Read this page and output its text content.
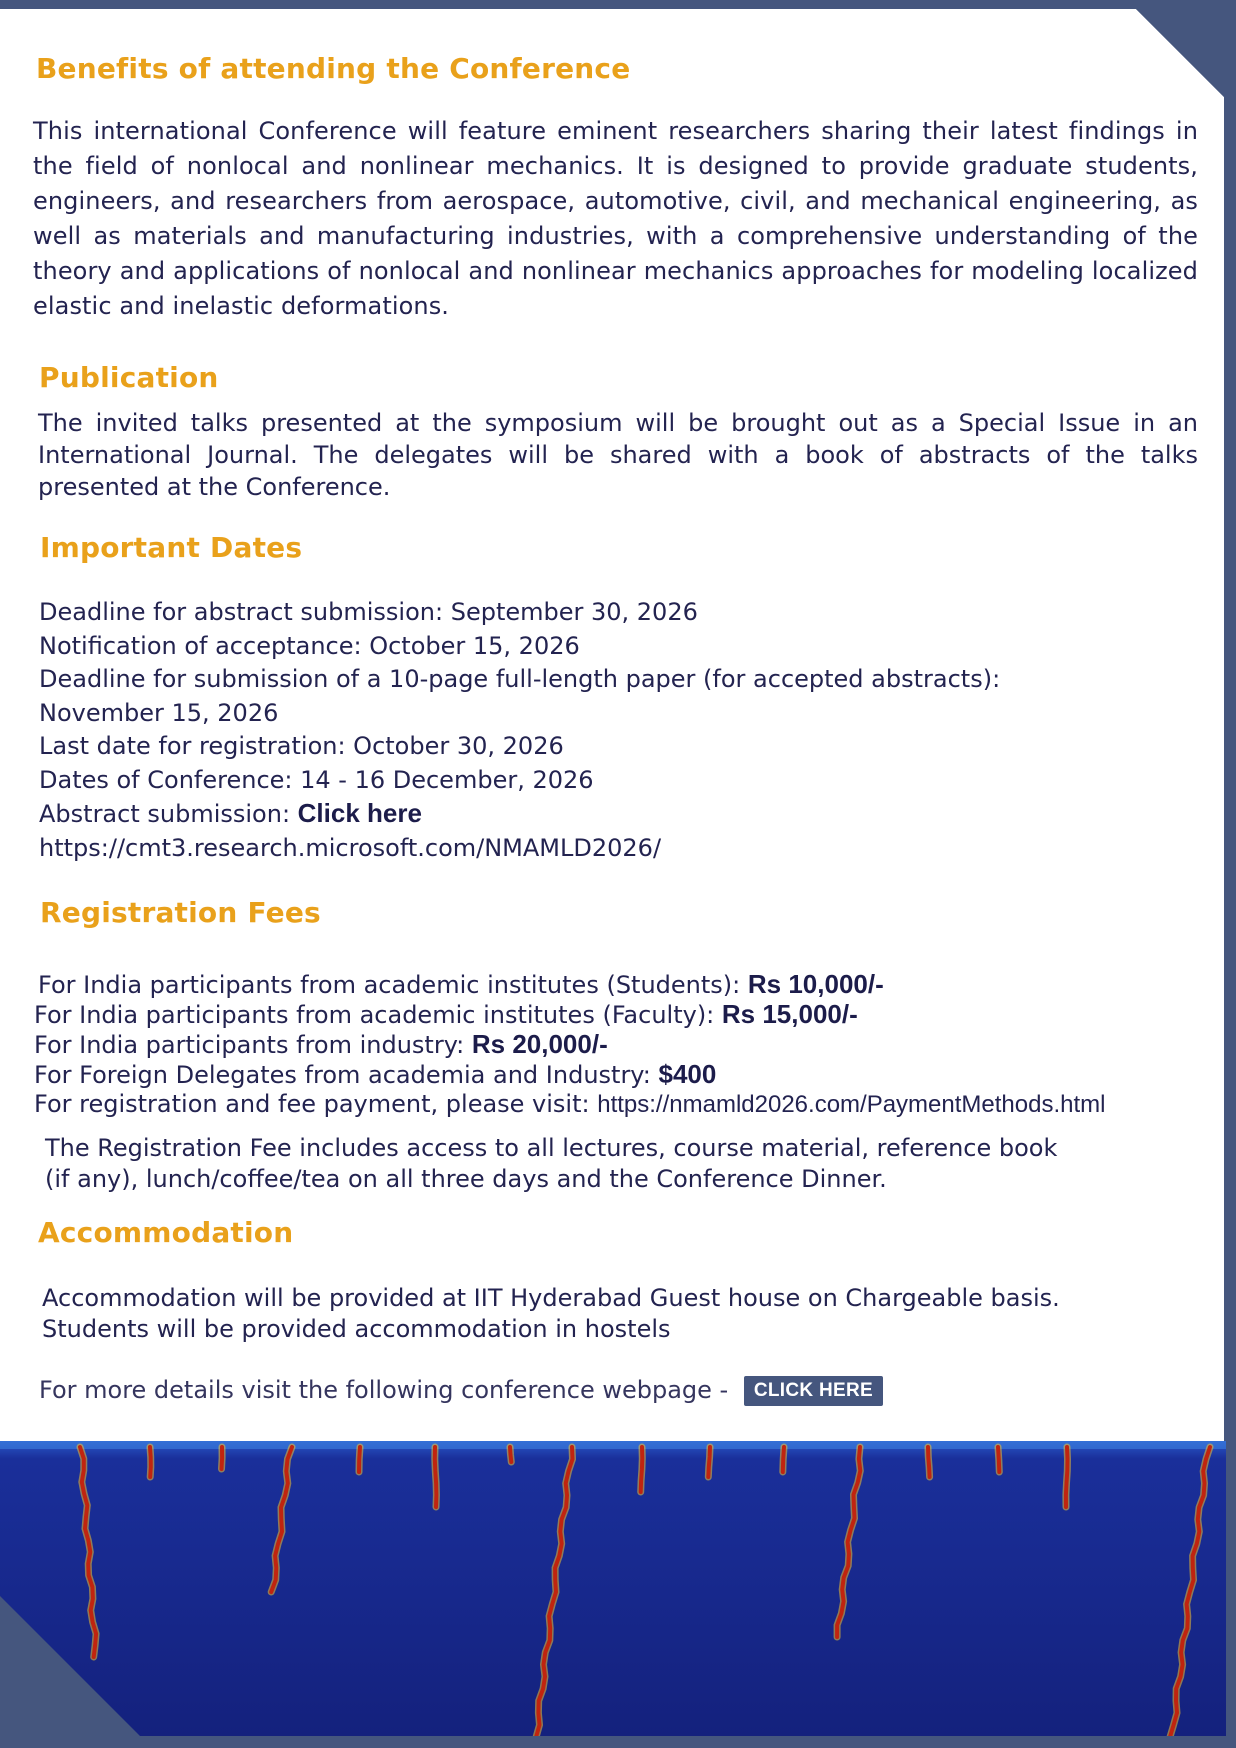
Benefits of attending the Conference
This international Conference will feature eminent researchers sharing their latest findings in the field of nonlocal and nonlinear mechanics. It is designed to provide graduate students, engineers, and researchers from aerospace, automotive, civil, and mechanical engineering, as well as materials and manufacturing industries, with a comprehensive understanding of the theory and applications of nonlocal and nonlinear mechanics approaches for modeling localized elastic and inelastic deformations.
Publication
The invited talks presented at the symposium will be brought out as a Special Issue in an International Journal. The delegates will be shared with a book of abstracts of the talks presented at the Conference.
Important Dates
Deadline for abstract submission: September 30, 2026
Notification of acceptance: October 15, 2026
Deadline for submission of a 10-page full-length paper (for accepted abstracts):
November 15, 2026
Last date for registration: October 30, 2026
Dates of Conference: 14 - 16 December, 2026
Abstract submission: Click here
https://cmt3.research.microsoft.com/NMAMLD2026/
Registration Fees
For India participants from academic institutes (Students): Rs 10,000/-
For India participants from academic institutes (Faculty): Rs 15,000/-
For India participants from industry: Rs 20,000/-
For Foreign Delegates from academia and Industry: $400
For registration and fee payment, please visit: https://nmamld2026.com/PaymentMethods.html
The Registration Fee includes access to all lectures, course material, reference book
(if any), lunch/coffee/tea on all three days and the Conference Dinner.
Accommodation
Accommodation will be provided at IIT Hyderabad Guest house on Chargeable basis.
Students will be provided accommodation in hostels
For more details visit the following conference webpage - CLICK HERE
